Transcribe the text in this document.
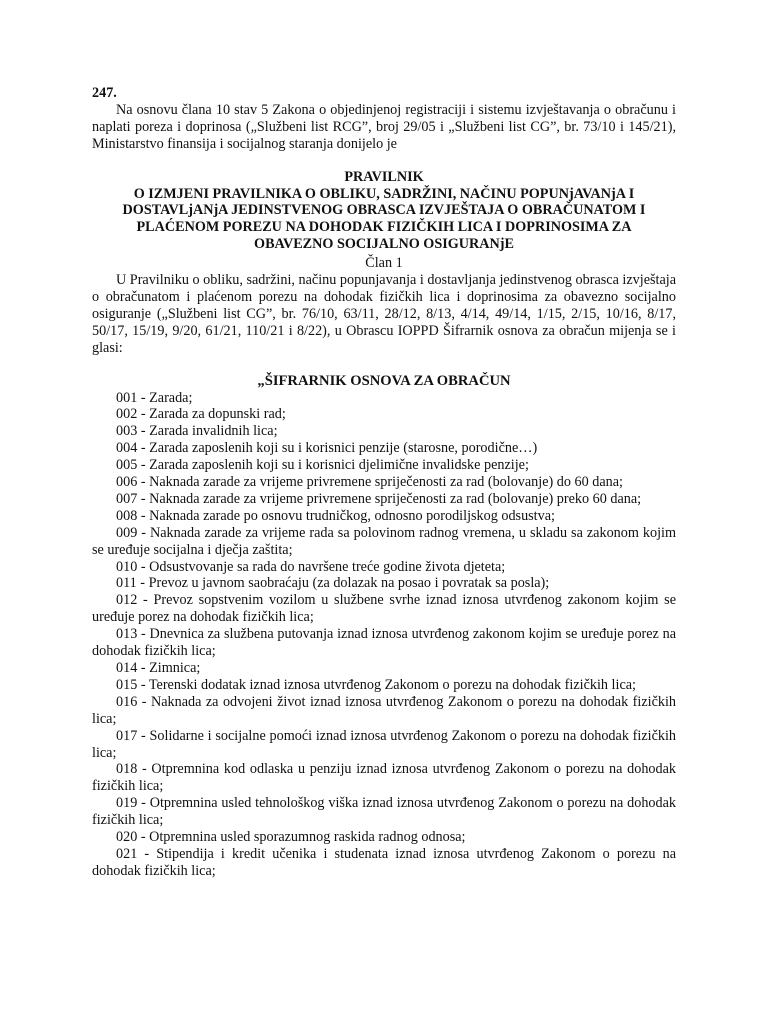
247.

Na osnovu člana 10 stav 5 Zakona o objedinjenoj registraciji i sistemu izvještavanja o obračunu i naplati poreza i doprinosa („Službeni list RCG”, broj 29/05 i „Službeni list CG”, br. 73/10 i 145/21), Ministarstvo finansija i socijalnog staranja donijelo je

PRAVILNIK
O IZMJENI PRAVILNIKA O OBLIKU, SADRŽINI, NAČINU POPUNjAVANjA I
DOSTAVLjANjA JEDINSTVENOG OBRASCA IZVJEŠTAJA O OBRAČUNATOM I
PLAĆENOM POREZU NA DOHODAK FIZIČKIH LICA I DOPRINOSIMA ZA
OBAVEZNO SOCIJALNO OSIGURANjE
Član 1

U Pravilniku o obliku, sadržini, načinu popunjavanja i dostavljanja jedinstvenog obrasca izvještaja o obračunatom i plaćenom porezu na dohodak fizičkih lica i doprinosima za obavezno socijalno osiguranje („Službeni list CG”, br. 76/10, 63/11, 28/12, 8/13, 4/14, 49/14, 1/15, 2/15, 10/16, 8/17, 50/17, 15/19, 9/20, 61/21, 110/21 i 8/22), u Obrascu IOPPD Šifrarnik osnova za obračun mijenja se i glasi:

„ŠIFRARNIK OSNOVA ZA OBRAČUN

001 - Zarada;

002 - Zarada za dopunski rad;

003 - Zarada invalidnih lica;

004 - Zarada zaposlenih koji su i korisnici penzije (starosne, porodične…)

005 - Zarada zaposlenih koji su i korisnici djelimične invalidske penzije;

006 - Naknada zarade za vrijeme privremene spriječenosti za rad (bolovanje) do 60 dana;

007 - Naknada zarade za vrijeme privremene spriječenosti za rad (bolovanje) preko 60 dana;

008 - Naknada zarade po osnovu trudničkog, odnosno porodiljskog odsustva;

009 - Naknada zarade za vrijeme rada sa polovinom radnog vremena, u skladu sa zakonom kojim se uređuje socijalna i dječja zaštita;

010 - Odsustvovanje sa rada do navršene treće godine života djeteta;

011 - Prevoz u javnom saobraćaju (za dolazak na posao i povratak sa posla);

012 - Prevoz sopstvenim vozilom u službene svrhe iznad iznosa utvrđenog zakonom kojim se uređuje porez na dohodak fizičkih lica;

013 - Dnevnica za službena putovanja iznad iznosa utvrđenog zakonom kojim se uređuje porez na dohodak fizičkih lica;

014 - Zimnica;

015 - Terenski dodatak iznad iznosa utvrđenog Zakonom o porezu na dohodak fizičkih lica;

016 - Naknada za odvojeni život iznad iznosa utvrđenog Zakonom o porezu na dohodak fizičkih lica;

017 - Solidarne i socijalne pomoći iznad iznosa utvrđenog Zakonom o porezu na dohodak fizičkih lica;

018 - Otpremnina kod odlaska u penziju iznad iznosa utvrđenog Zakonom o porezu na dohodak fizičkih lica;

019 - Otpremnina usled tehnološkog viška iznad iznosa utvrđenog Zakonom o porezu na dohodak fizičkih lica;

020 - Otpremnina usled sporazumnog raskida radnog odnosa;

021 - Stipendija i kredit učenika i studenata iznad iznosa utvrđenog Zakonom o porezu na dohodak fizičkih lica;
